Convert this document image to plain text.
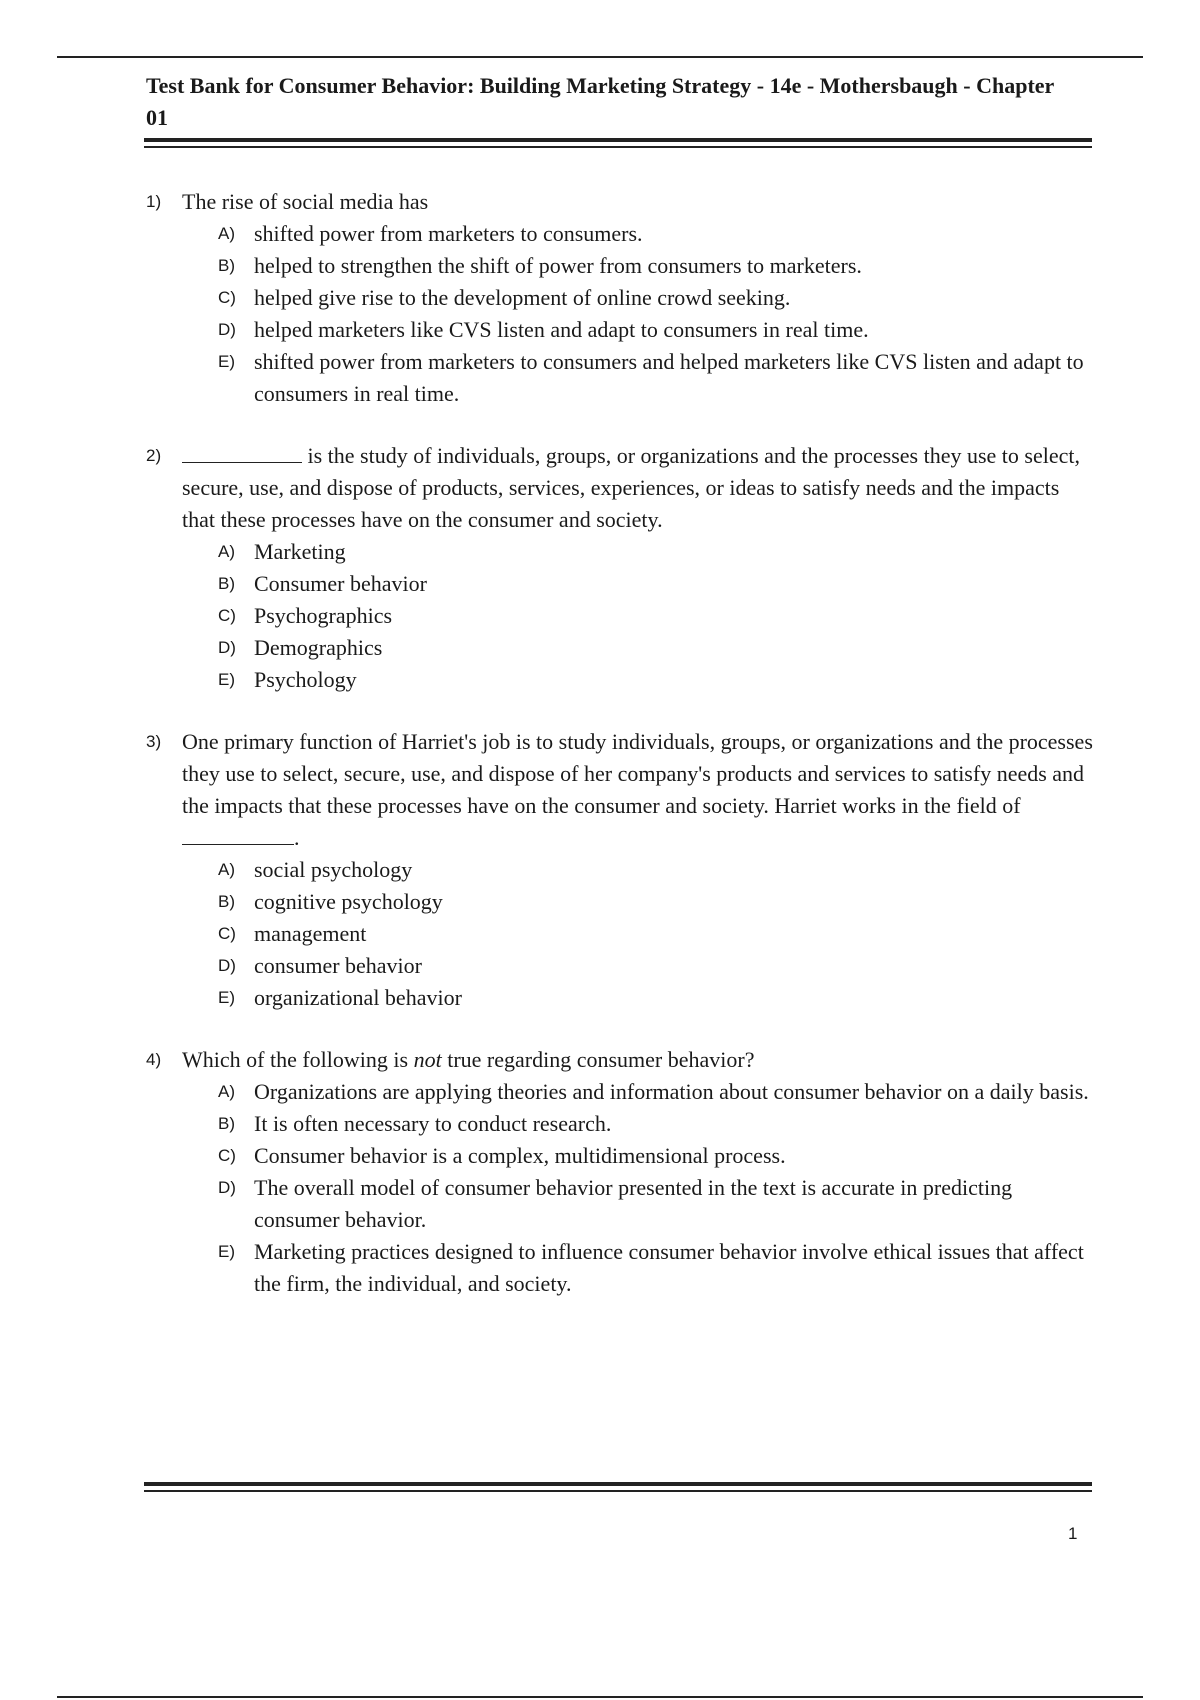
Test Bank for Consumer Behavior: Building Marketing Strategy - 14e - Mothersbaugh - Chapter 01
1) The rise of social media has
A) shifted power from marketers to consumers.
B) helped to strengthen the shift of power from consumers to marketers.
C) helped give rise to the development of online crowd seeking.
D) helped marketers like CVS listen and adapt to consumers in real time.
E) shifted power from marketers to consumers and helped marketers like CVS listen and adapt to consumers in real time.
2)	is the study of individuals, groups, or organizations and the processes they use to select, secure, use, and dispose of products, services, experiences, or ideas to satisfy needs and the impacts that these processes have on the consumer and society.
A) Marketing
B) Consumer behavior
C) Psychographics
D) Demographics
E) Psychology
3) One primary function of Harriet's job is to study individuals, groups, or organizations and the processes they use to select, secure, use, and dispose of her company's products and services to satisfy needs and the impacts that these processes have on the consumer and society. Harriet works in the field of .
A) social psychology
B) cognitive psychology
C) management
D) consumer behavior
E) organizational behavior
4) Which of the following is not true regarding consumer behavior?
A) Organizations are applying theories and information about consumer behavior on a daily basis.
B) It is often necessary to conduct research.
C) Consumer behavior is a complex, multidimensional process.
D) The overall model of consumer behavior presented in the text is accurate in predicting consumer behavior.
E) Marketing practices designed to influence consumer behavior involve ethical issues that affect the firm, the individual, and society.
1
